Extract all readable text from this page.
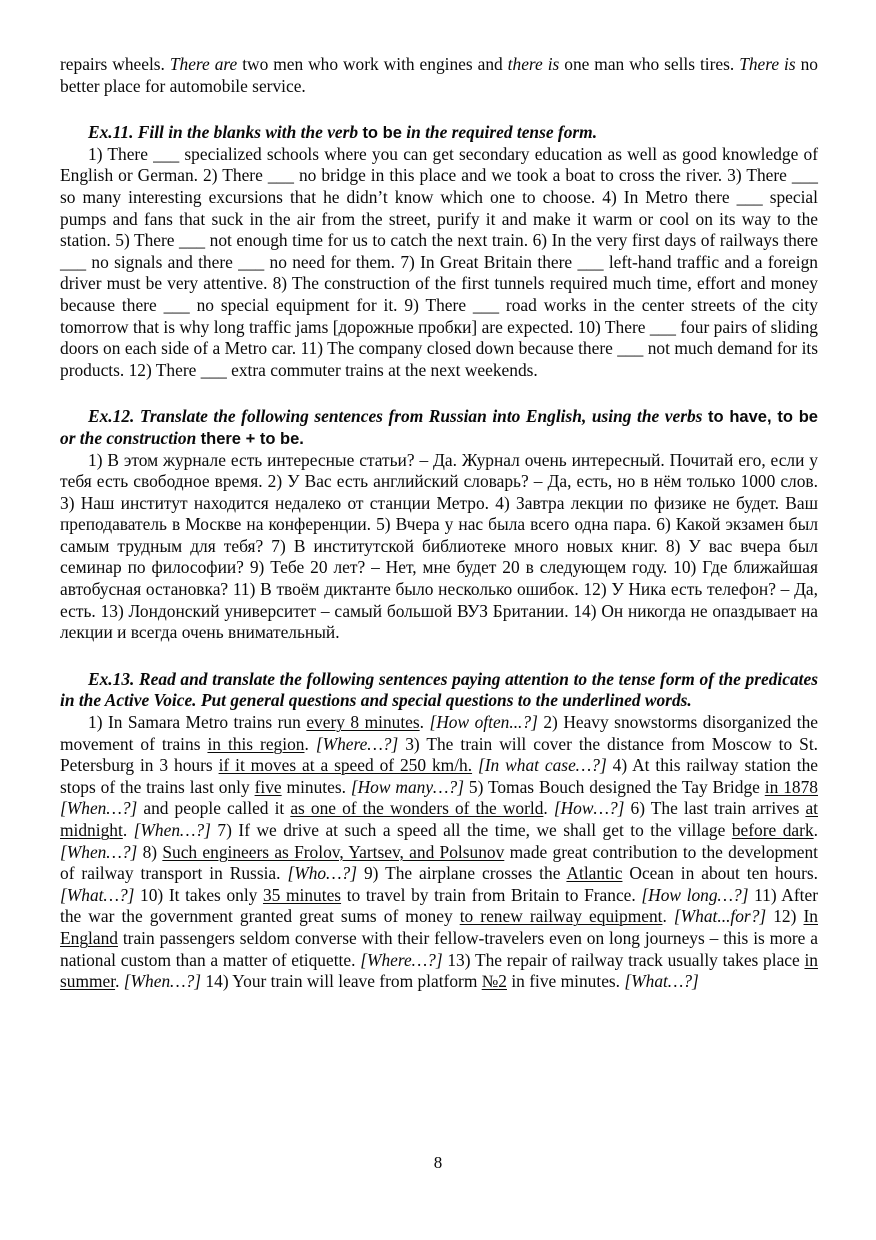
repairs wheels. There are two men who work with engines and there is one man who sells tires. There is no better place for automobile service.

Ex.11. Fill in the blanks with the verb to be in the required tense form.

1) There ___ specialized schools where you can get secondary education as well as good knowledge of English or German. 2) There ___ no bridge in this place and we took a boat to cross the river. 3) There ___ so many interesting excursions that he didn’t know which one to choose. 4) In Metro there ___ special pumps and fans that suck in the air from the street, purify it and make it warm or cool on its way to the station. 5) There ___ not enough time for us to catch the next train. 6) In the very first days of railways there ___ no signals and there ___ no need for them. 7) In Great Britain there ___ left-hand traffic and a foreign driver must be very attentive. 8) The construction of the first tunnels required much time, effort and money because there ___ no special equipment for it. 9) There ___ road works in the center streets of the city tomorrow that is why long traffic jams [дорожные пробки] are expected. 10) There ___ four pairs of sliding doors on each side of a Metro car. 11) The company closed down because there ___ not much demand for its products. 12) There ___ extra commuter trains at the next weekends.

Ex.12. Translate the following sentences from Russian into English, using the verbs to have, to be or the construction there + to be.

1) В этом журнале есть интересные статьи? – Да. Журнал очень интересный. Почитай его, если у тебя есть свободное время. 2) У Вас есть английский словарь? – Да, есть, но в нём только 1000 слов. 3) Наш институт находится недалеко от станции Метро. 4) Завтра лекции по физике не будет. Ваш преподаватель в Москве на конференции. 5) Вчера у нас была всего одна пара. 6) Какой экзамен был самым трудным для тебя? 7) В институтской библиотеке много новых книг. 8) У вас вчера был семинар по философии? 9) Тебе 20 лет? – Нет, мне будет 20 в следующем году. 10) Где ближайшая автобусная остановка? 11) В твоём диктанте было несколько ошибок. 12) У Ника есть телефон? – Да, есть. 13) Лондонский университет – самый большой ВУЗ Британии. 14) Он никогда не опаздывает на лекции и всегда очень внимательный.

Ex.13. Read and translate the following sentences paying attention to the tense form of the predicates in the Active Voice. Put general questions and special questions to the underlined words.

1) In Samara Metro trains run every 8 minutes. [How often...?] 2) Heavy snowstorms disorganized the movement of trains in this region. [Where…?] 3) The train will cover the distance from Moscow to St. Petersburg in 3 hours if it moves at a speed of 250 km/h. [In what case…?] 4) At this railway station the stops of the trains last only five minutes. [How many…?] 5) Tomas Bouch designed the Tay Bridge in 1878 [When…?] and people called it as one of the wonders of the world. [How…?] 6) The last train arrives at midnight. [When…?] 7) If we drive at such a speed all the time, we shall get to the village before dark. [When…?] 8) Such engineers as Frolov, Yartsev, and Polsunov made great contribution to the development of railway transport in Russia. [Who…?] 9) The airplane crosses the Atlantic Ocean in about ten hours. [What…?] 10) It takes only 35 minutes to travel by train from Britain to France. [How long…?] 11) After the war the government granted great sums of money to renew railway equipment. [What...for?] 12) In England train passengers seldom converse with their fellow-travelers even on long journeys – this is more a national custom than a matter of etiquette. [Where…?] 13) The repair of railway track usually takes place in summer. [When…?] 14) Your train will leave from platform №2 in five minutes. [What…?]

8
